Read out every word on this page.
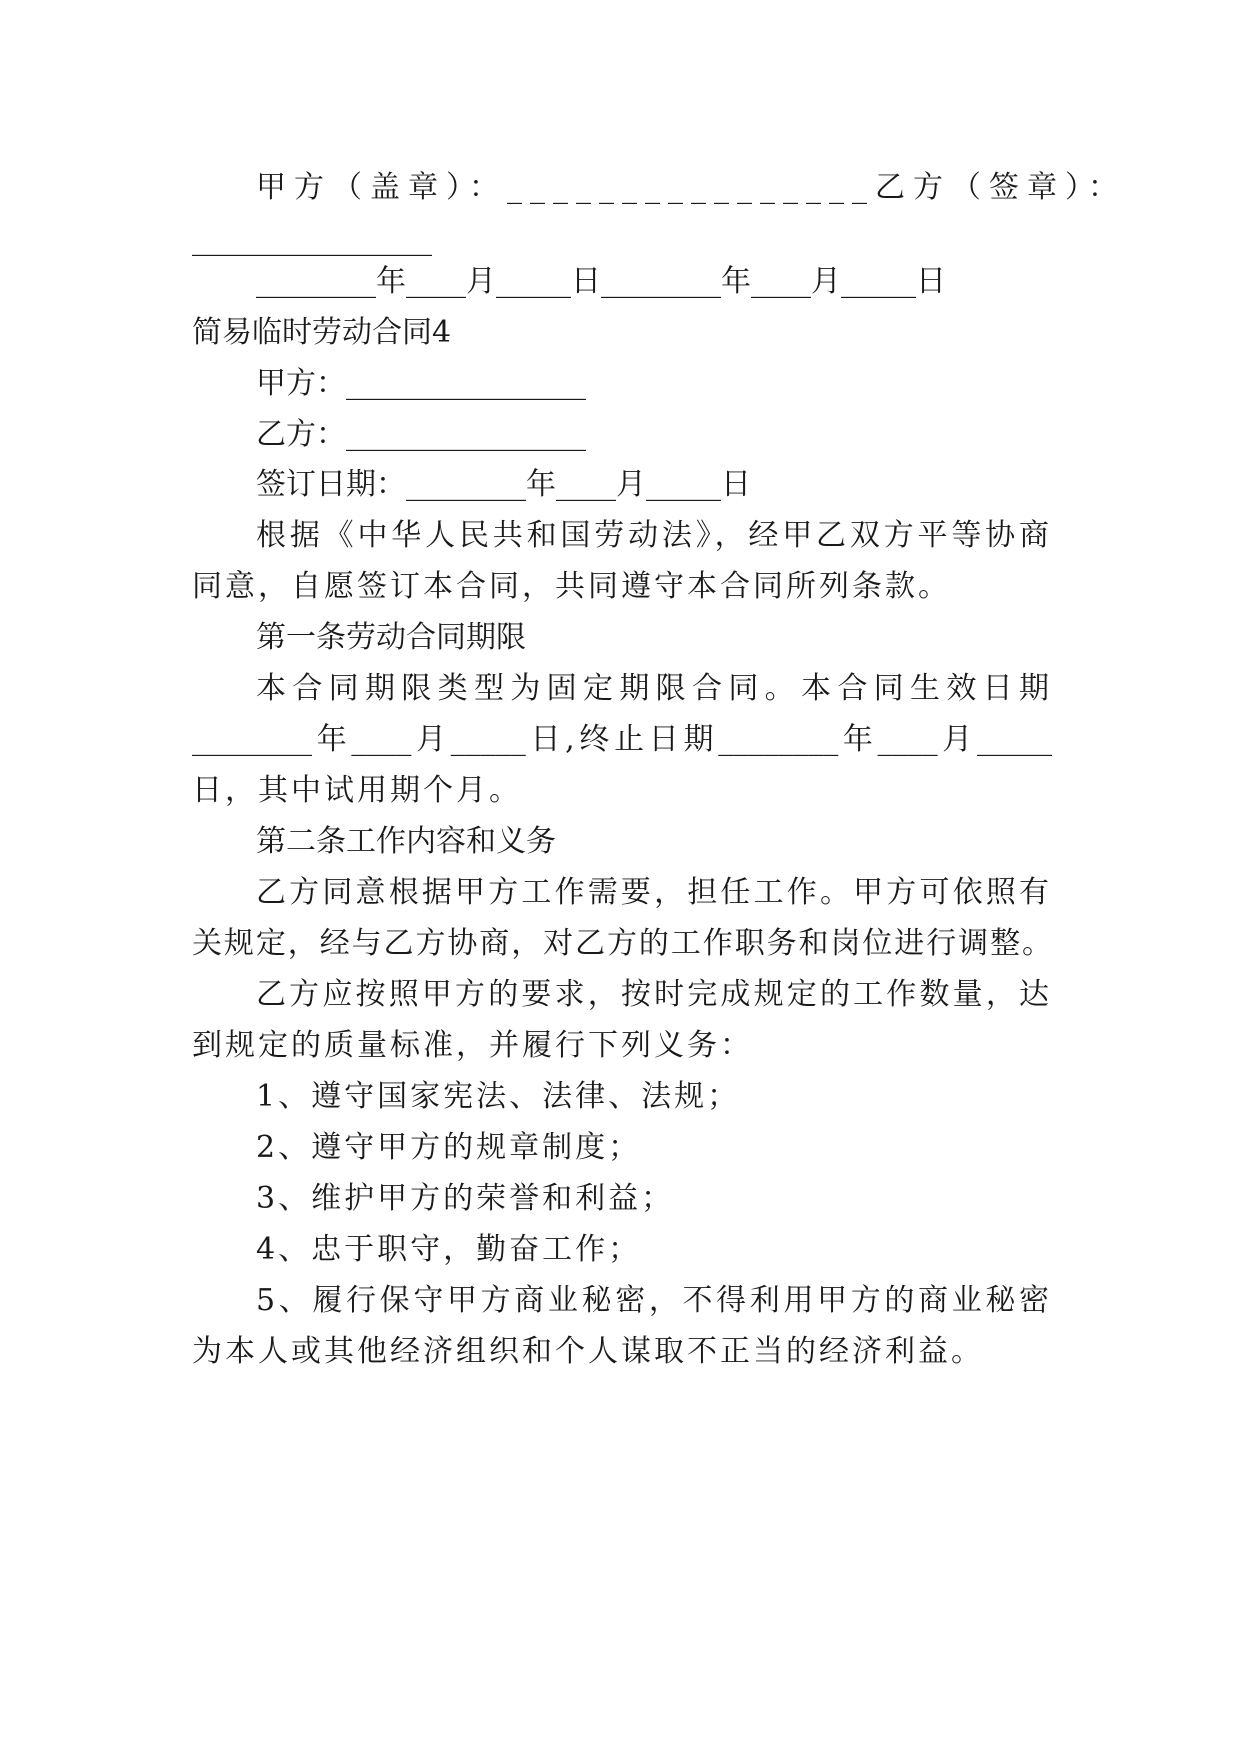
甲方（盖章）：________________乙方（签章）：
________________
________年____月_____日________年____月_____日
简易临时劳动合同4
甲方：________________
乙方：________________
签订日期：________年____月_____日
根据《中华人民共和国劳动法》，经甲乙双方平等协商
同意，自愿签订本合同，共同遵守本合同所列条款。
第一条劳动合同期限
本合同期限类型为固定期限合同。本合同生效日期
________年____月_____日,终止日期________年____月_____
日，其中试用期个月。
第二条工作内容和义务
乙方同意根据甲方工作需要，担任工作。甲方可依照有
关规定，经与乙方协商，对乙方的工作职务和岗位进行调整。
乙方应按照甲方的要求，按时完成规定的工作数量，达
到规定的质量标准，并履行下列义务：
1、遵守国家宪法、法律、法规；
2、遵守甲方的规章制度；
3、维护甲方的荣誉和利益；
4、忠于职守，勤奋工作；
5、履行保守甲方商业秘密，不得利用甲方的商业秘密
为本人或其他经济组织和个人谋取不正当的经济利益。
